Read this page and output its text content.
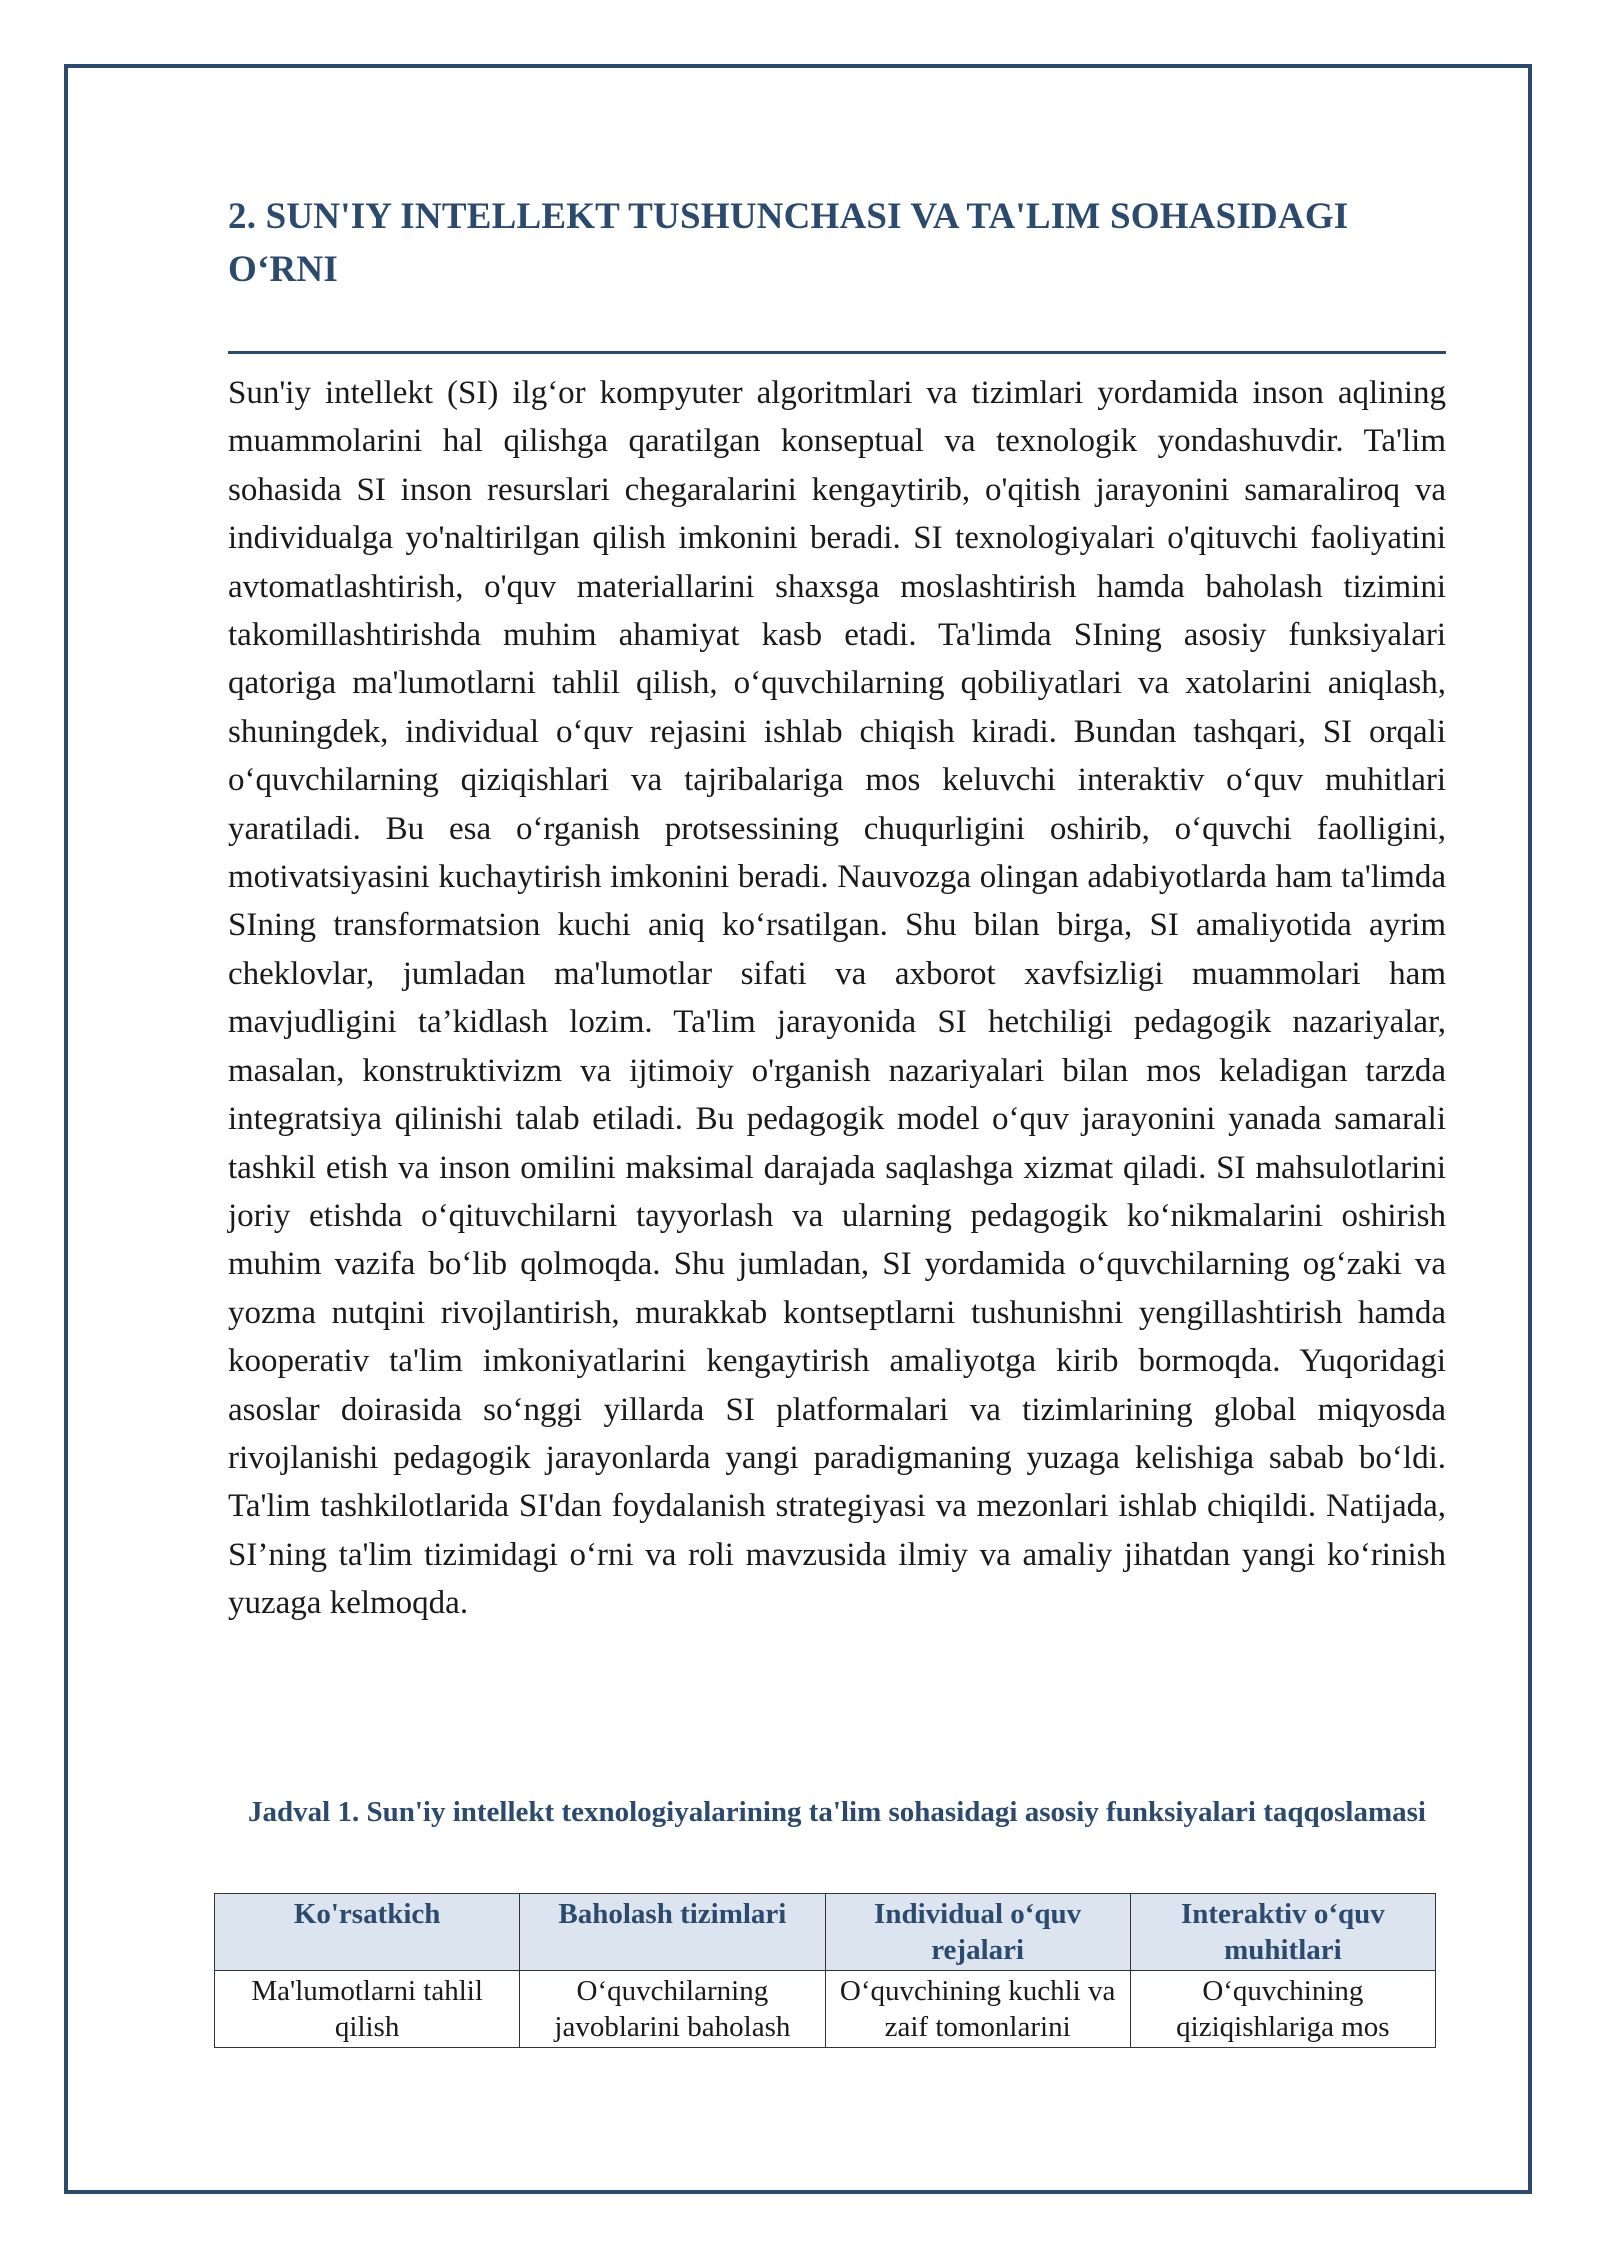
2. SUN'IY INTELLEKT TUSHUNCHASI VA TA'LIM SOHASIDAGI O‘RNI

Sun'iy intellekt (SI) ilg‘or kompyuter algoritmlari va tizimlari yordamida inson aqlining muammolarini hal qilishga qaratilgan konseptual va texnologik yondashuvdir. Ta'lim sohasida SI inson resurslari chegaralarini kengaytirib, o'qitish jarayonini samaraliroq va individualga yo'naltirilgan qilish imkonini beradi. SI texnologiyalari o'qituvchi faoliyatini avtomatlashtirish, o'quv materiallarini shaxsga moslashtirish hamda baholash tizimini takomillashtirishda muhim ahamiyat kasb etadi. Ta'limda SIning asosiy funksiyalari qatoriga ma'lumotlarni tahlil qilish, o‘quvchilarning qobiliyatlari va xatolarini aniqlash, shuningdek, individual o‘quv rejasini ishlab chiqish kiradi. Bundan tashqari, SI orqali o‘quvchilarning qiziqishlari va tajribalariga mos keluvchi interaktiv o‘quv muhitlari yaratiladi. Bu esa o‘rganish protsessining chuqurligini oshirib, o‘quvchi faolligini, motivatsiyasini kuchaytirish imkonini beradi. Nauvozga olingan adabiyotlarda ham ta'limda SIning transformatsion kuchi aniq ko‘rsatilgan. Shu bilan birga, SI amaliyotida ayrim cheklovlar, jumladan ma'lumotlar sifati va axborot xavfsizligi muammolari ham mavjudligini ta’kidlash lozim. Ta'lim jarayonida SI hetchiligi pedagogik nazariyalar, masalan, konstruktivizm va ijtimoiy o'rganish nazariyalari bilan mos keladigan tarzda integratsiya qilinishi talab etiladi. Bu pedagogik model o‘quv jarayonini yanada samarali tashkil etish va inson omilini maksimal darajada saqlashga xizmat qiladi. SI mahsulotlarini joriy etishda o‘qituvchilarni tayyorlash va ularning pedagogik ko‘nikmalarini oshirish muhim vazifa bo‘lib qolmoqda. Shu jumladan, SI yordamida o‘quvchilarning og‘zaki va yozma nutqini rivojlantirish, murakkab kontseptlarni tushunishni yengillashtirish hamda kooperativ ta'lim imkoniyatlarini kengaytirish amaliyotga kirib bormoqda. Yuqoridagi asoslar doirasida so‘nggi yillarda SI platformalari va tizimlarining global miqyosda rivojlanishi pedagogik jarayonlarda yangi paradigmaning yuzaga kelishiga sabab bo‘ldi. Ta'lim tashkilotlarida SI'dan foydalanish strategiyasi va mezonlari ishlab chiqildi. Natijada, SI’ning ta'lim tizimidagi o‘rni va roli mavzusida ilmiy va amaliy jihatdan yangi ko‘rinish yuzaga kelmoqda.

Jadval 1. Sun'iy intellekt texnologiyalarining ta'lim sohasidagi asosiy funksiyalari taqqoslamasi

Ko'rsatkich	Baholash tizimlari	Individual o‘quv rejalari	Interaktiv o‘quv muhitlari
Ma'lumotlarni tahlil qilish	O‘quvchilarning javoblarini baholash	O‘quvchining kuchli va zaif tomonlarini	O‘quvchining qiziqishlariga mos
